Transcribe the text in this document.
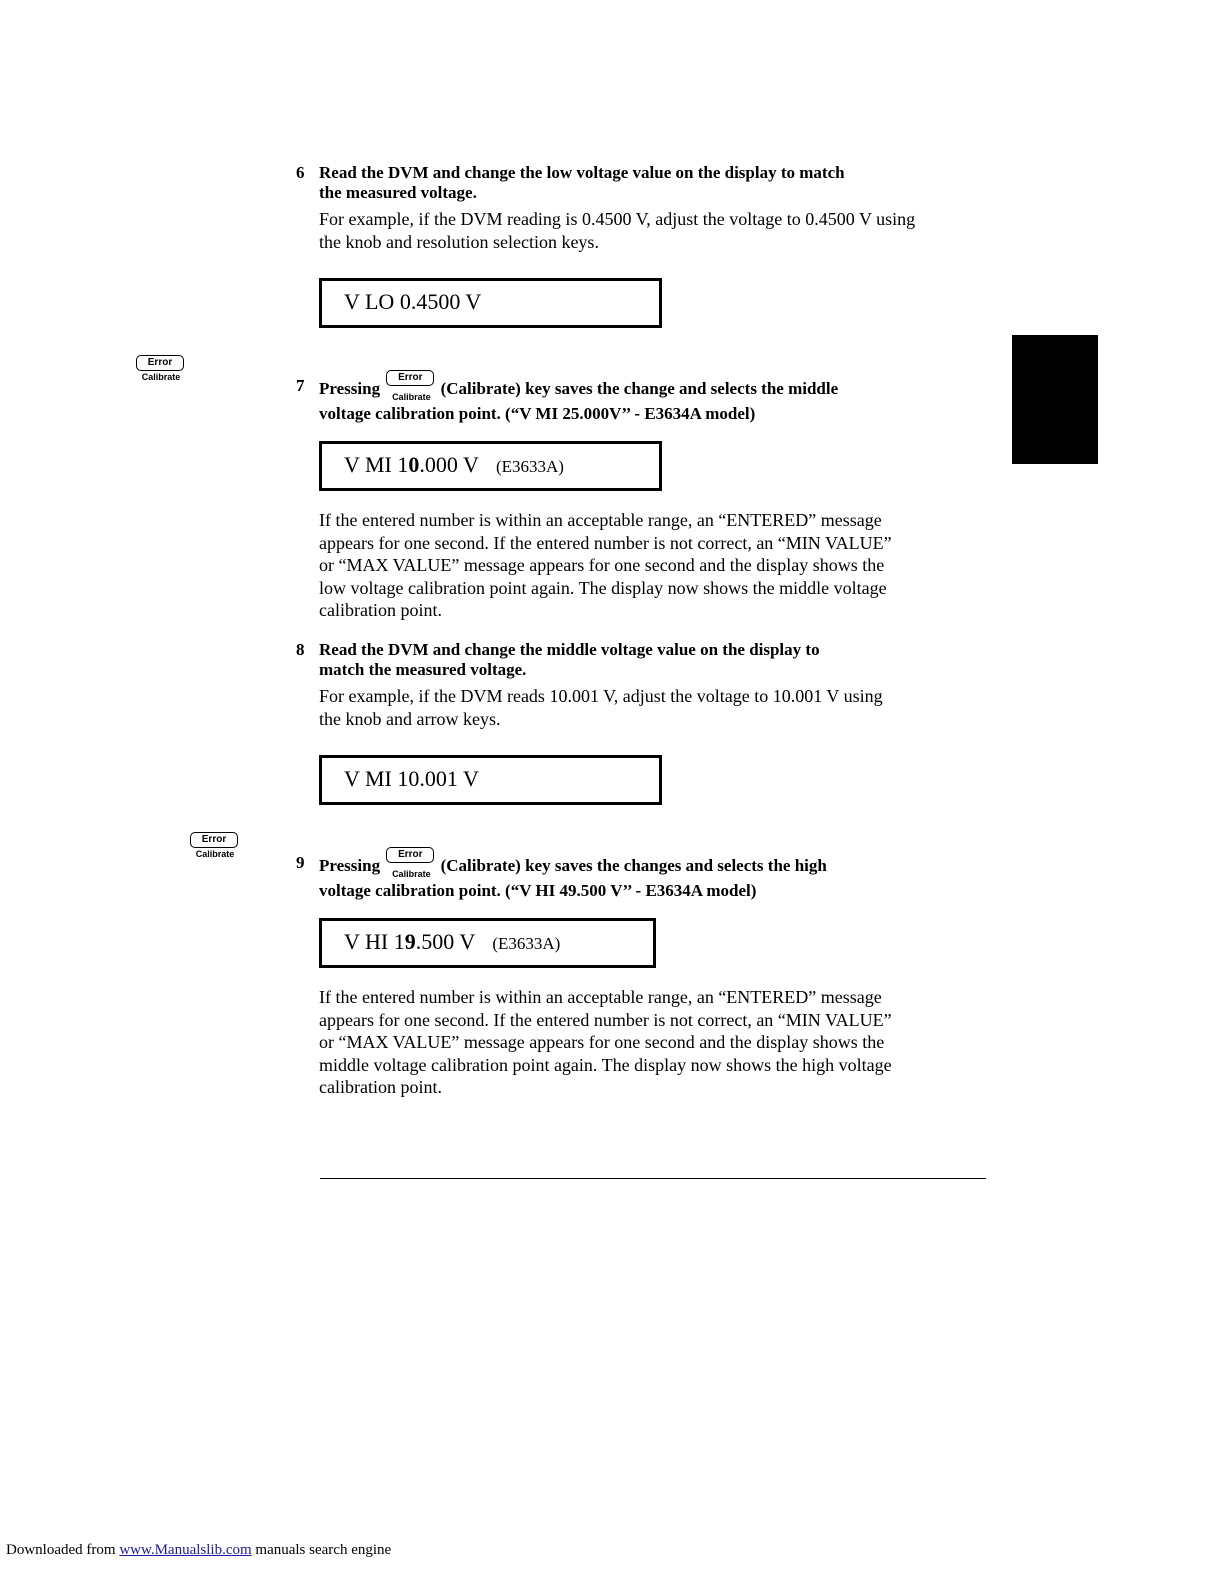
6 Read the DVM and change the low voltage value on the display to match
the measured voltage.
For example, if the DVM reading is 0.4500 V, adjust the voltage to 0.4500 V using
the knob and resolution selection keys.
V LO 0.4500 V
Error
Calibrate
	7 Pressing
Error
Calibrate (Calibrate) key saves the change and selects the middle
voltage calibration point. (“V MI 25.000V’’ - E3634A model)
V MI 10.000 V (E3633A)
If the entered number is within an acceptable range, an “ENTERED” message
appears for one second. If the entered number is not correct, an “MIN VALUE”
or “MAX VALUE” message appears for one second and the display shows the
low voltage calibration point again. The display now shows the middle voltage
calibration point.
8 Read the DVM and change the middle voltage value on the display to
match the measured voltage.
For example, if the DVM reads 10.001 V, adjust the voltage to 10.001 V using
the knob and arrow keys.
V MI 10.001 V
Error
Calibrate	9 Pressing
Error
Calibrate (Calibrate) key saves the changes and selects the high
voltage calibration point. (“V HI 49.500 V’’ - E3634A model)
V HI 19.500 V (E3633A)
If the entered number is within an acceptable range, an “ENTERED” message
appears for one second. If the entered number is not correct, an “MIN VALUE”
or “MAX VALUE” message appears for one second and the display shows the
middle voltage calibration point again. The display now shows the high voltage
calibration point.
Downloaded from www.Manualslib.com manuals search engine
